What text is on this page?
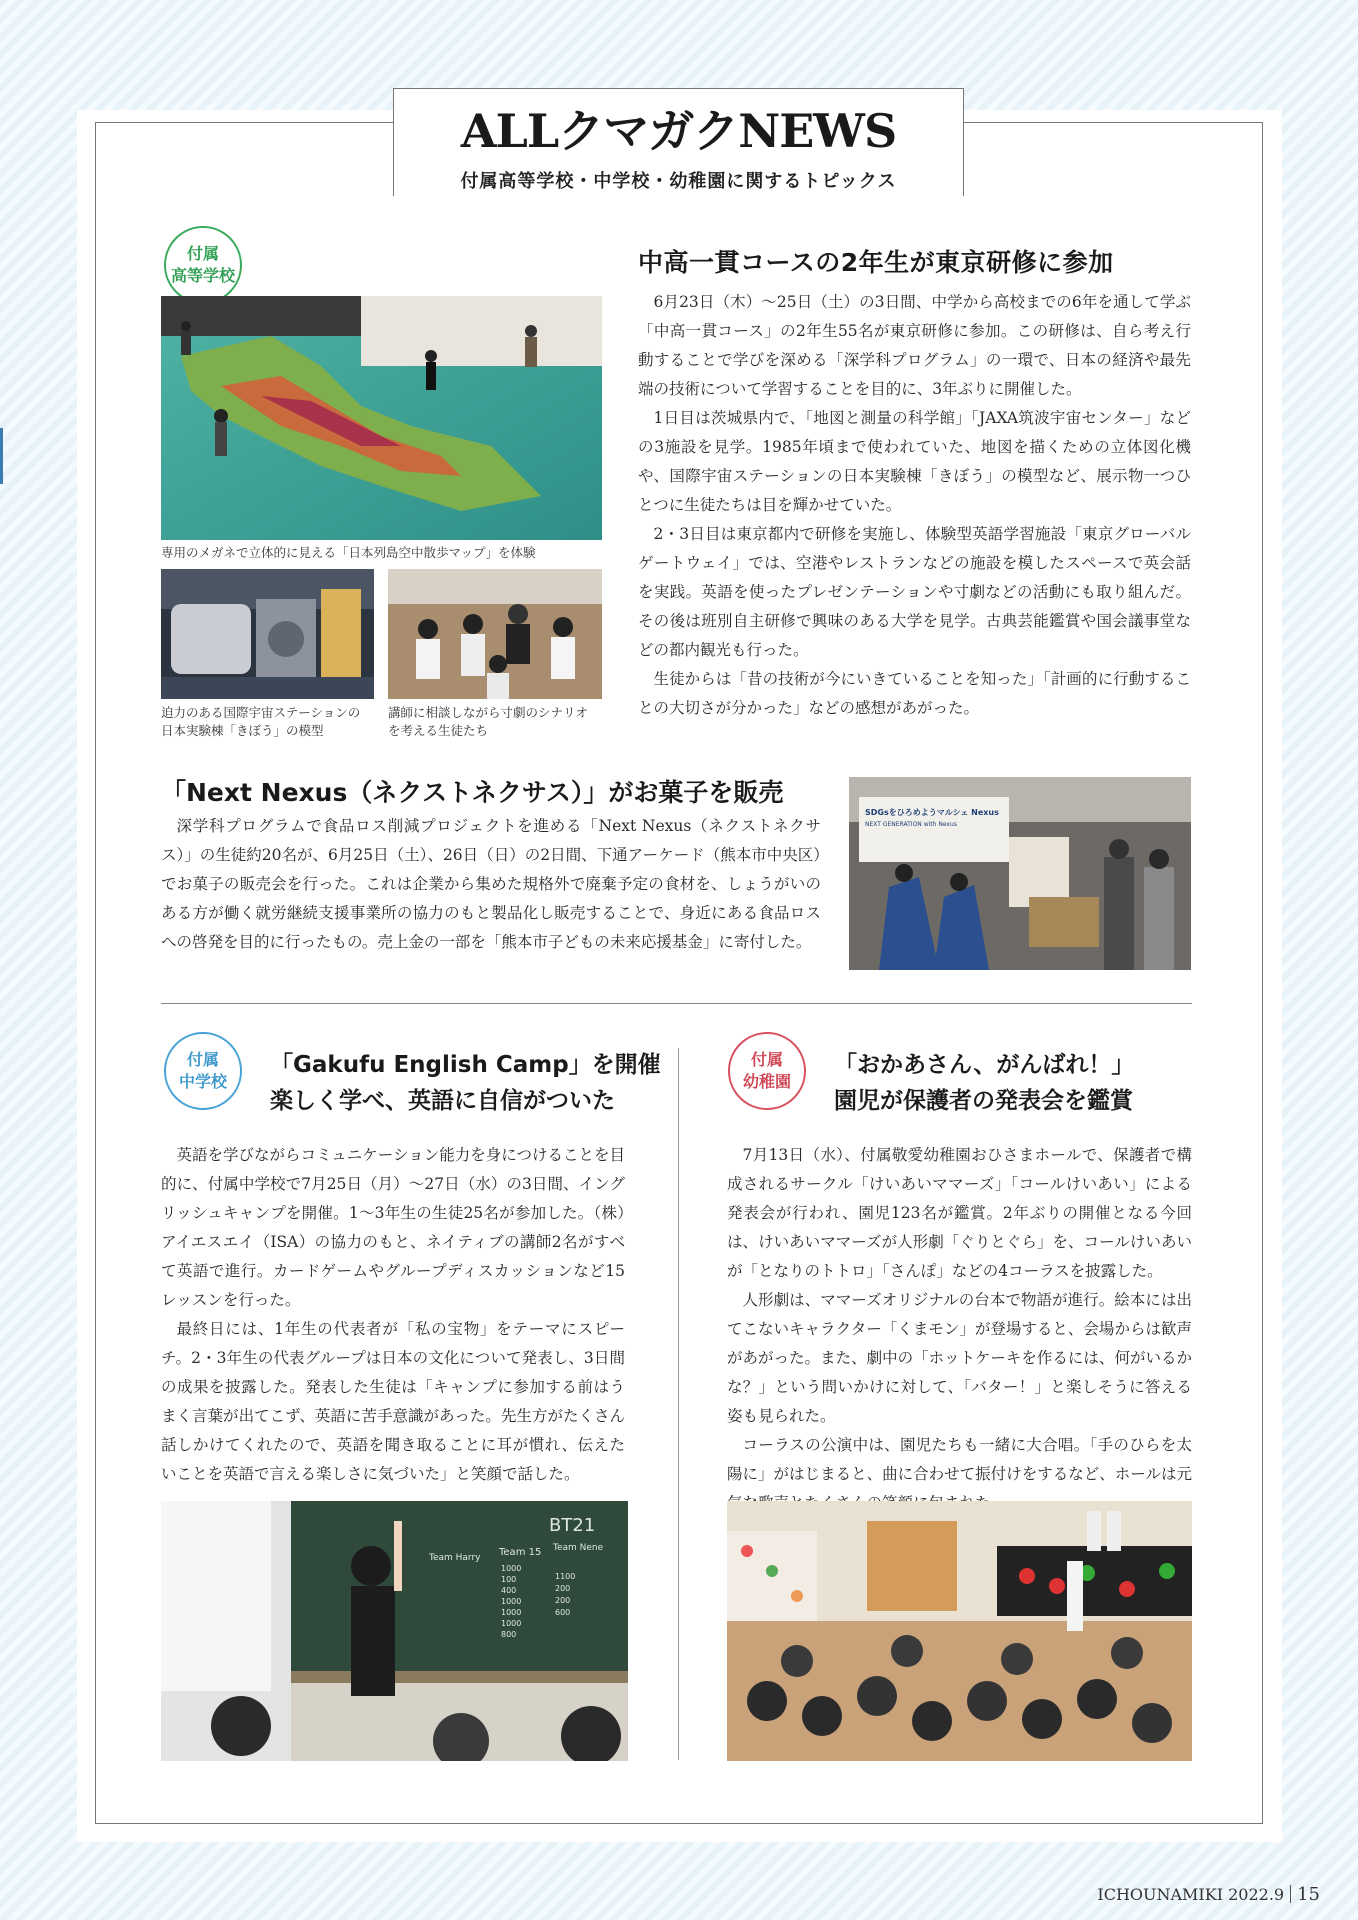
ALLクマガクNEWS
付属高等学校・中学校・幼稚園に関するトピックス
付属
高等学校
専用のメガネで立体的に見える「日本列島空中散歩マップ」を体験
迫力のある国際宇宙ステーションの
日本実験棟「きぼう」の模型
講師に相談しながら寸劇のシナリオ
を考える生徒たち
中高一貫コースの2年生が東京研修に参加

6月23日（木）～25日（土）の3日間、中学から高校までの6年を通して学ぶ「中高一貫コース」の2年生55名が東京研修に参加。この研修は、自ら考え行動することで学びを深める「深学科プログラム」の一環で、日本の経済や最先端の技術について学習することを目的に、3年ぶりに開催した。

1日目は茨城県内で、「地図と測量の科学館」「JAXA筑波宇宙センター」などの3施設を見学。1985年頃まで使われていた、地図を描くための立体図化機や、国際宇宙ステーションの日本実験棟「きぼう」の模型など、展示物一つひとつに生徒たちは目を輝かせていた。

2・3日目は東京都内で研修を実施し、体験型英語学習施設「東京グローバルゲートウェイ」では、空港やレストランなどの施設を模したスペースで英会話を実践。英語を使ったプレゼンテーションや寸劇などの活動にも取り組んだ。その後は班別自主研修で興味のある大学を見学。古典芸能鑑賞や国会議事堂などの都内観光も行った。

生徒からは「昔の技術が今にいきていることを知った」「計画的に行動することの大切さが分かった」などの感想があがった。

「Next Nexus（ネクストネクサス）」がお菓子を販売

深学科プログラムで食品ロス削減プロジェクトを進める「Next Nexus（ネクストネクサス）」の生徒約20名が、6月25日（土）、26日（日）の2日間、下通アーケード（熊本市中央区）でお菓子の販売会を行った。これは企業から集めた規格外で廃棄予定の食材を、しょうがいのある方が働く就労継続支援事業所の協力のもと製品化し販売することで、身近にある食品ロスへの啓発を目的に行ったもの。売上金の一部を「熊本市子どもの未来応援基金」に寄付した。

SDGsをひろめようマルシェ Nexus
NEXT GENERATION with Nexus
付属
中学校
「Gakufu English Camp」を開催
楽しく学べ、英語に自信がついた

英語を学びながらコミュニケーション能力を身につけることを目的に、付属中学校で7月25日（月）～27日（水）の3日間、イングリッシュキャンプを開催。1～3年生の生徒25名が参加した。（株）アイエスエイ（ISA）の協力のもと、ネイティブの講師2名がすべて英語で進行。カードゲームやグループディスカッションなど15レッスンを行った。

最終日には、1年生の代表者が「私の宝物」をテーマにスピーチ。2・3年生の代表グループは日本の文化について発表し、3日間の成果を披露した。発表した生徒は「キャンプに参加する前はうまく言葉が出てこず、英語に苦手意識があった。先生方がたくさん話しかけてくれたので、英語を聞き取ることに耳が慣れ、伝えたいことを英語で言える楽しさに気づいた」と笑顔で話した。

BT21
Team Harry Team 15 Team Nene
1000
100
400
1000
1000
1000
800
1100
200
200
600
付属
幼稚園
「おかあさん、がんばれ！」
園児が保護者の発表会を鑑賞

7月13日（水）、付属敬愛幼稚園おひさまホールで、保護者で構成されるサークル「けいあいママーズ」「コールけいあい」による発表会が行われ、園児123名が鑑賞。2年ぶりの開催となる今回は、けいあいママーズが人形劇「ぐりとぐら」を、コールけいあいが「となりのトトロ」「さんぽ」などの4コーラスを披露した。

人形劇は、ママーズオリジナルの台本で物語が進行。絵本には出てこないキャラクター「くまモン」が登場すると、会場からは歓声があがった。また、劇中の「ホットケーキを作るには、何がいるかな？」という問いかけに対して、「バター！」と楽しそうに答える姿も見られた。

コーラスの公演中は、園児たちも一緒に大合唱。「手のひらを太陽に」がはじまると、曲に合わせて振付けをするなど、ホールは元

ICHOUNAMIKI 2022.9 15
